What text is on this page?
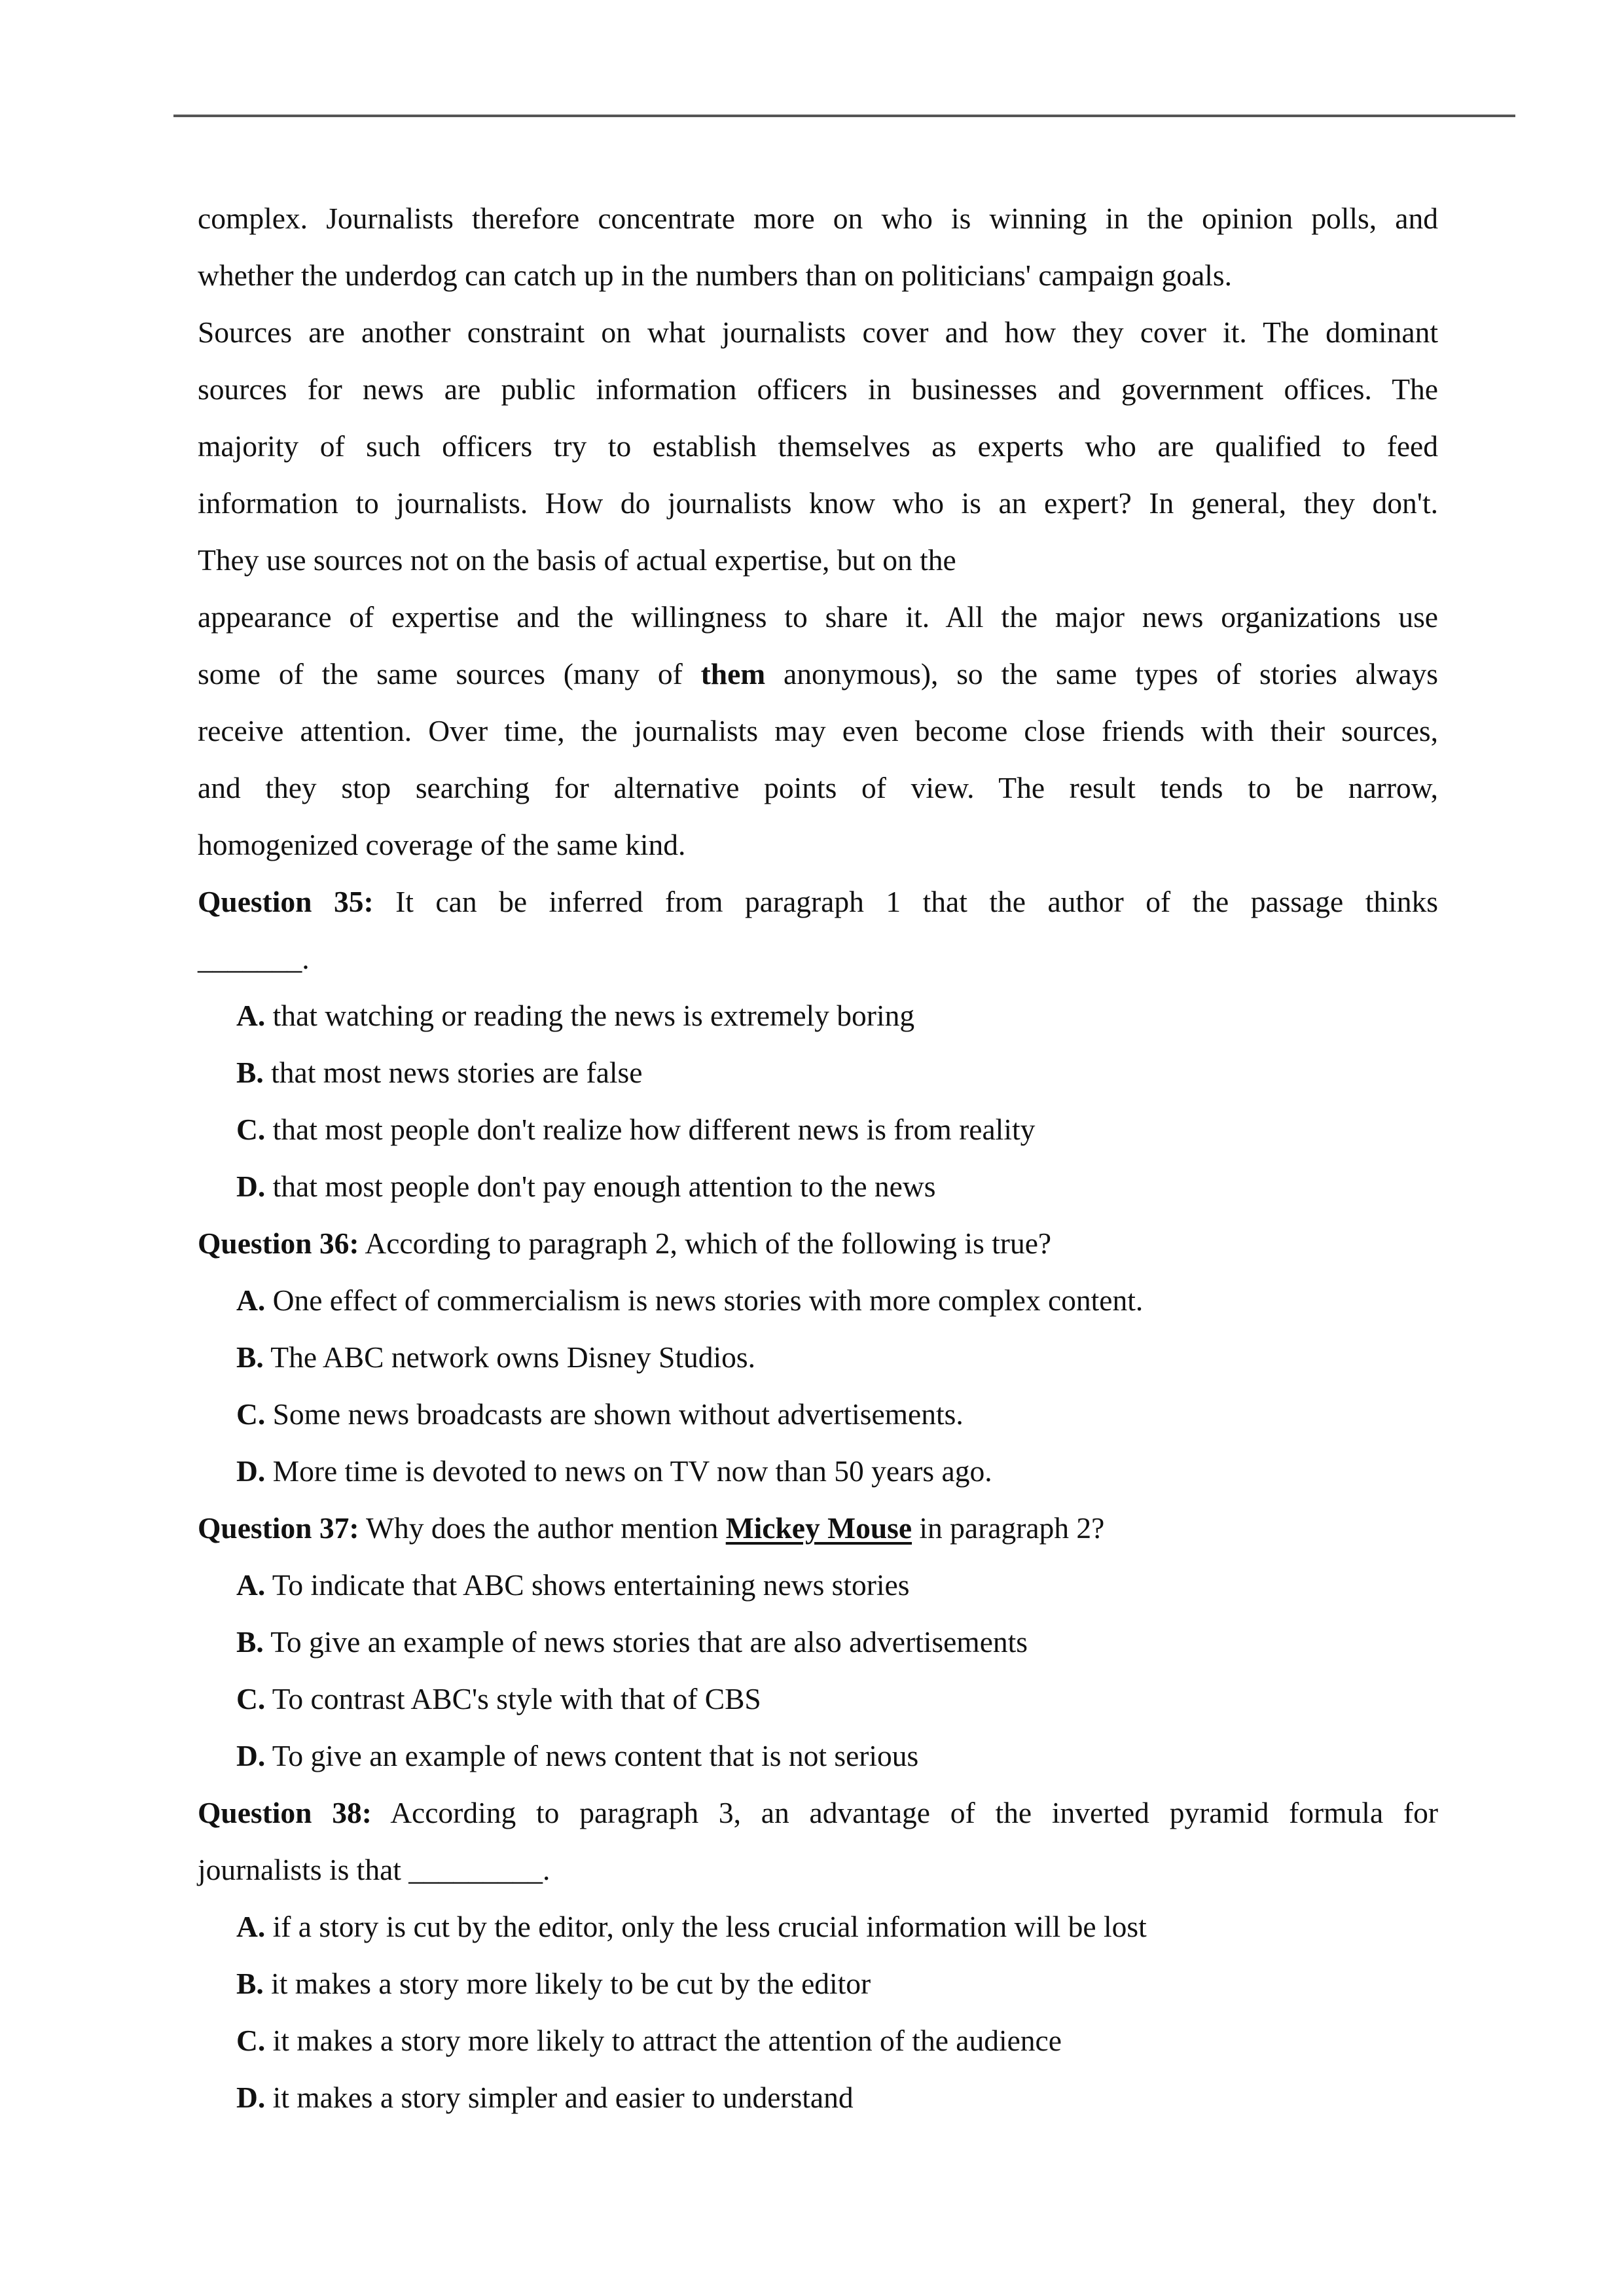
complex. Journalists therefore concentrate more on who is winning in the opinion polls, and
whether the underdog can catch up in the numbers than on politicians' campaign goals.
Sources are another constraint on what journalists cover and how they cover it. The dominant
sources for news are public information officers in businesses and government offices. The
majority of such officers try to establish themselves as experts who are qualified to feed
information to journalists. How do journalists know who is an expert? In general, they don't.
They use sources not on the basis of actual expertise, but on the
appearance of expertise and the willingness to share it. All the major news organizations use
some of the same sources (many of them anonymous), so the same types of stories always
receive attention. Over time, the journalists may even become close friends with their sources,
and they stop searching for alternative points of view. The result tends to be narrow,
homogenized coverage of the same kind.
Question 35: It can be inferred from paragraph 1 that the author of the passage thinks
_______.
A. that watching or reading the news is extremely boring
B. that most news stories are false
C. that most people don't realize how different news is from reality
D. that most people don't pay enough attention to the news
Question 36: According to paragraph 2, which of the following is true?
A. One effect of commercialism is news stories with more complex content.
B. The ABC network owns Disney Studios.
C. Some news broadcasts are shown without advertisements.
D. More time is devoted to news on TV now than 50 years ago.
Question 37: Why does the author mention Mickey Mouse in paragraph 2?
A. To indicate that ABC shows entertaining news stories
B. To give an example of news stories that are also advertisements
C. To contrast ABC's style with that of CBS
D. To give an example of news content that is not serious
Question 38: According to paragraph 3, an advantage of the inverted pyramid formula for
journalists is that _________.
A. if a story is cut by the editor, only the less crucial information will be lost
B. it makes a story more likely to be cut by the editor
C. it makes a story more likely to attract the attention of the audience
D. it makes a story simpler and easier to understand
